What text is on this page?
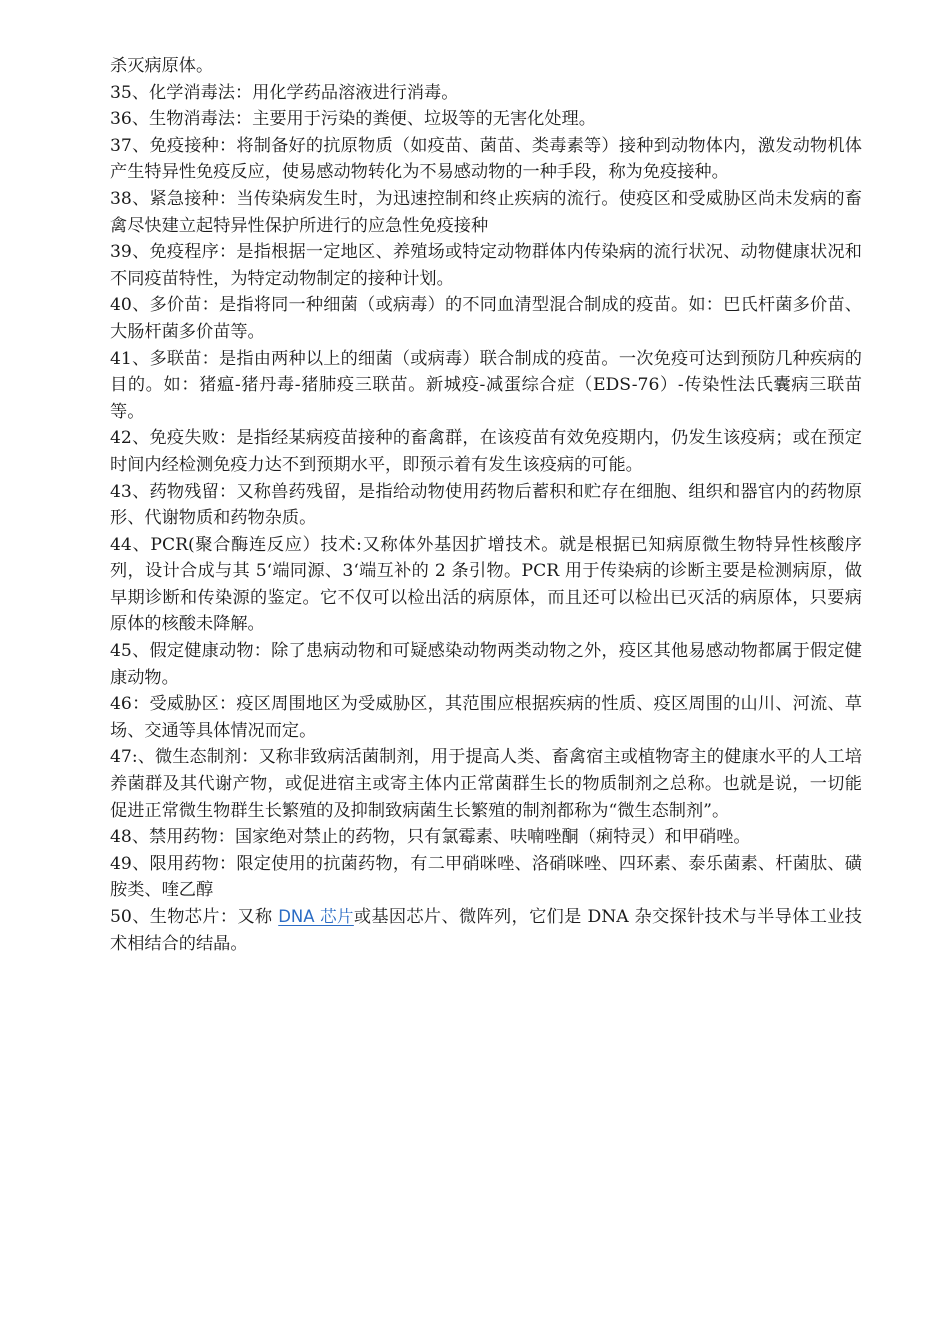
杀灭病原体。

35、化学消毒法：用化学药品溶液进行消毒。

36、生物消毒法：主要用于污染的粪便、垃圾等的无害化处理。

37、免疫接种：将制备好的抗原物质（如疫苗、菌苗、类毒素等）接种到动物体内，激发动物机体产生特异性免疫反应，使易感动物转化为不易感动物的一种手段，称为免疫接种。

38、紧急接种：当传染病发生时，为迅速控制和终止疾病的流行。使疫区和受威胁区尚未发病的畜禽尽快建立起特异性保护所进行的应急性免疫接种

39、免疫程序：是指根据一定地区、养殖场或特定动物群体内传染病的流行状况、动物健康状况和不同疫苗特性，为特定动物制定的接种计划。

40、多价苗：是指将同一种细菌（或病毒）的不同血清型混合制成的疫苗。如：巴氏杆菌多价苗、大肠杆菌多价苗等。

41、多联苗：是指由两种以上的细菌（或病毒）联合制成的疫苗。一次免疫可达到预防几种疾病的目的。如：猪瘟-猪丹毒-猪肺疫三联苗。新城疫-减蛋综合症（EDS-76）-传染性法氏囊病三联苗等。

42、免疫失败：是指经某病疫苗接种的畜禽群，在该疫苗有效免疫期内，仍发生该疫病；或在预定时间内经检测免疫力达不到预期水平，即预示着有发生该疫病的可能。

43、药物残留：又称兽药残留，是指给动物使用药物后蓄积和贮存在细胞、组织和器官内的药物原形、代谢物质和药物杂质。

44、PCR(聚合酶连反应）技术:又称体外基因扩增技术。就是根据已知病原微生物特异性核酸序列，设计合成与其 5‘端同源、3‘端互补的 2 条引物。PCR 用于传染病的诊断主要是检测病原，做早期诊断和传染源的鉴定。它不仅可以检出活的病原体，而且还可以检出已灭活的病原体，只要病原体的核酸未降解。

45、假定健康动物：除了患病动物和可疑感染动物两类动物之外，疫区其他易感动物都属于假定健康动物。

46：受威胁区：疫区周围地区为受威胁区，其范围应根据疾病的性质、疫区周围的山川、河流、草场、交通等具体情况而定。

47:、微生态制剂：又称非致病活菌制剂，用于提高人类、畜禽宿主或植物寄主的健康水平的人工培养菌群及其代谢产物，或促进宿主或寄主体内正常菌群生长的物质制剂之总称。也就是说，一切能促进正常微生物群生长繁殖的及抑制致病菌生长繁殖的制剂都称为“微生态制剂”。

48、禁用药物：国家绝对禁止的药物，只有氯霉素、呋喃唑酮（痢特灵）和甲硝唑。

49、限用药物：限定使用的抗菌药物，有二甲硝咪唑、洛硝咪唑、四环素、泰乐菌素、杆菌肽、磺胺类、喹乙醇

50、生物芯片：又称 DNA 芯片或基因芯片、微阵列，它们是 DNA 杂交探针技术与半导体工业技术相结合的结晶。
